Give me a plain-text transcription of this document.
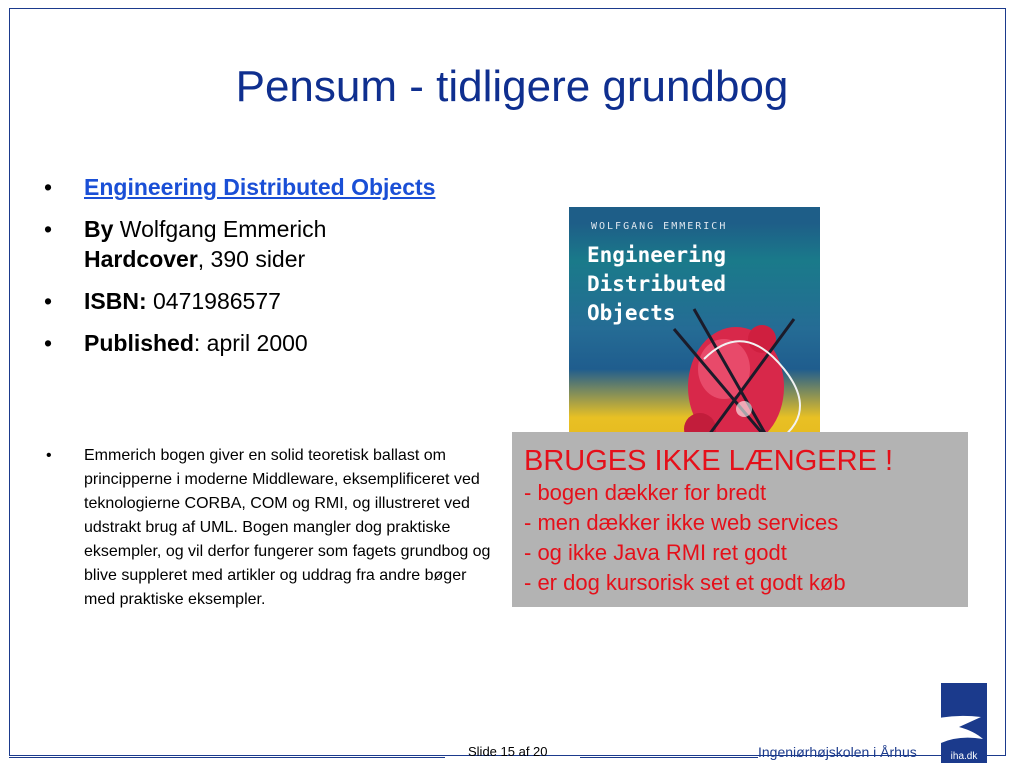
Pensum - tidligere grundbog
• Engineering Distributed Objects
• By Wolfgang Emmerich
Hardcover, 390 sider
• ISBN: 0471986577
• Published: april 2000
• Emmerich bogen giver en solid teoretisk ballast om principperne i moderne Middleware, eksemplificeret ved teknologierne CORBA, COM og RMI, og illustreret ved udstrakt brug af UML. Bogen mangler dog praktiske eksempler, og vil derfor fungerer som fagets grundbog og blive suppleret med artikler og uddrag fra andre bøger med praktiske eksempler.
WOLFGANG EMMERICH
Engineering
Distributed
Objects
BRUGES IKKE LÆNGERE !
- bogen dækker for bredt
- men dækker ikke web services
- og ikke Java RMI ret godt
- er dog kursorisk set et godt køb
Slide 15 af 20	Ingeniørhøjskolen i Århus	iha.dk
